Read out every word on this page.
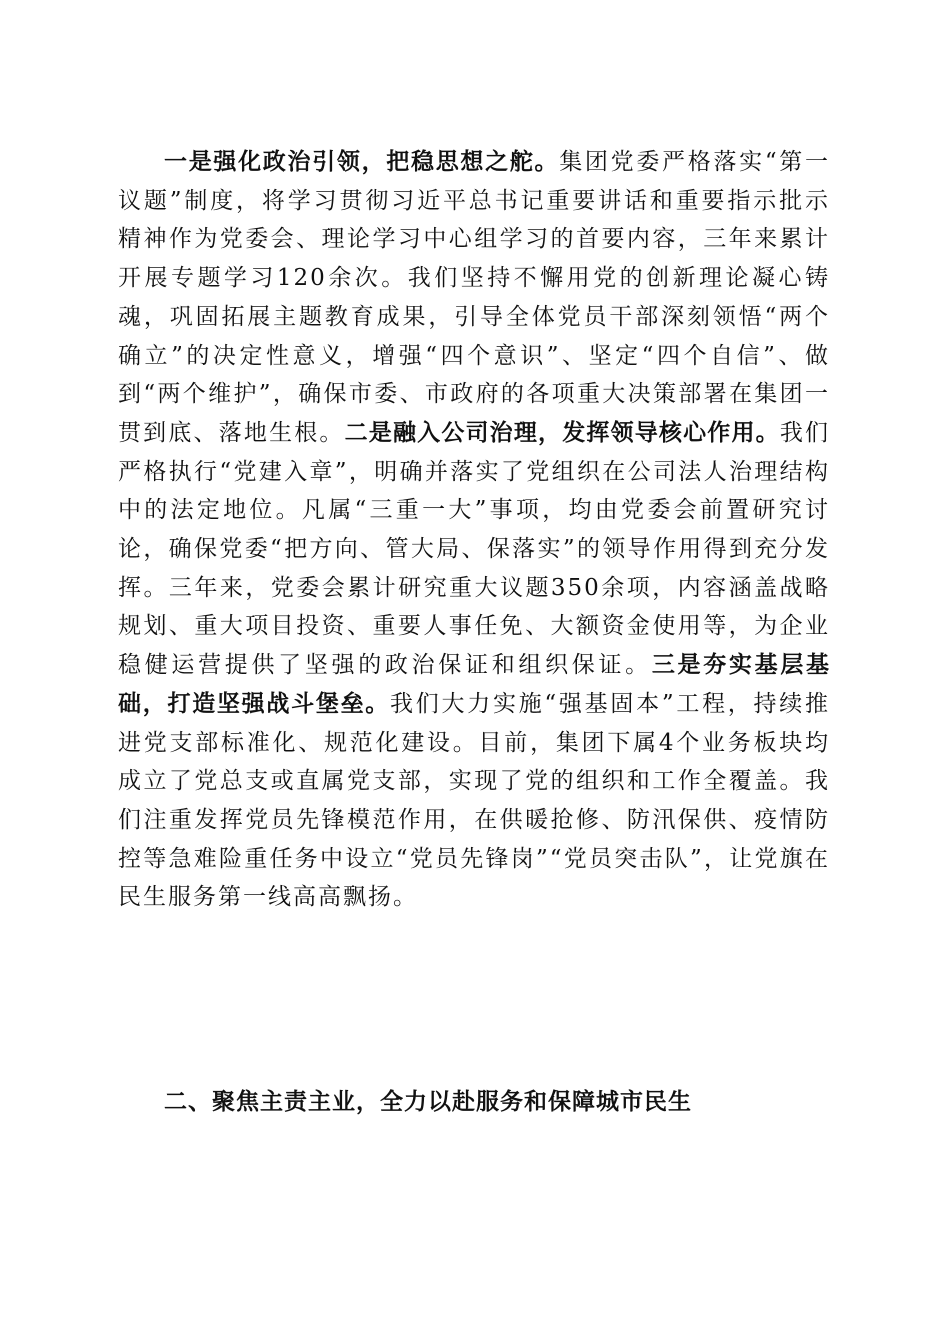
一是强化政治引领，把稳思想之舵。集团党委严格落实“第一议题”制度，将学习贯彻习近平总书记重要讲话和重要指示批示精神作为党委会、理论学习中心组学习的首要内容，三年来累计开展专题学习120余次。我们坚持不懈用党的创新理论凝心铸魂，巩固拓展主题教育成果，引导全体党员干部深刻领悟“两个确立”的决定性意义，增强“四个意识”、坚定“四个自信”、做到“两个维护”，确保市委、市政府的各项重大决策部署在集团一贯到底、落地生根。二是融入公司治理，发挥领导核心作用。我们严格执行“党建入章”，明确并落实了党组织在公司法人治理结构中的法定地位。凡属“三重一大”事项，均由党委会前置研究讨论，确保党委“把方向、管大局、保落实”的领导作用得到充分发挥。三年来，党委会累计研究重大议题350余项，内容涵盖战略规划、重大项目投资、重要人事任免、大额资金使用等，为企业稳健运营提供了坚强的政治保证和组织保证。三是夯实基层基础，打造坚强战斗堡垒。我们大力实施“强基固本”工程，持续推进党支部标准化、规范化建设。目前，集团下属4个业务板块均成立了党总支或直属党支部，实现了党的组织和工作全覆盖。我们注重发挥党员先锋模范作用，在供暖抢修、防汛保供、疫情防控等急难险重任务中设立“党员先锋岗”“党员突击队”，让党旗在民生服务第一线高高飘扬。

二、聚焦主责主业，全力以赴服务和保障城市民生
